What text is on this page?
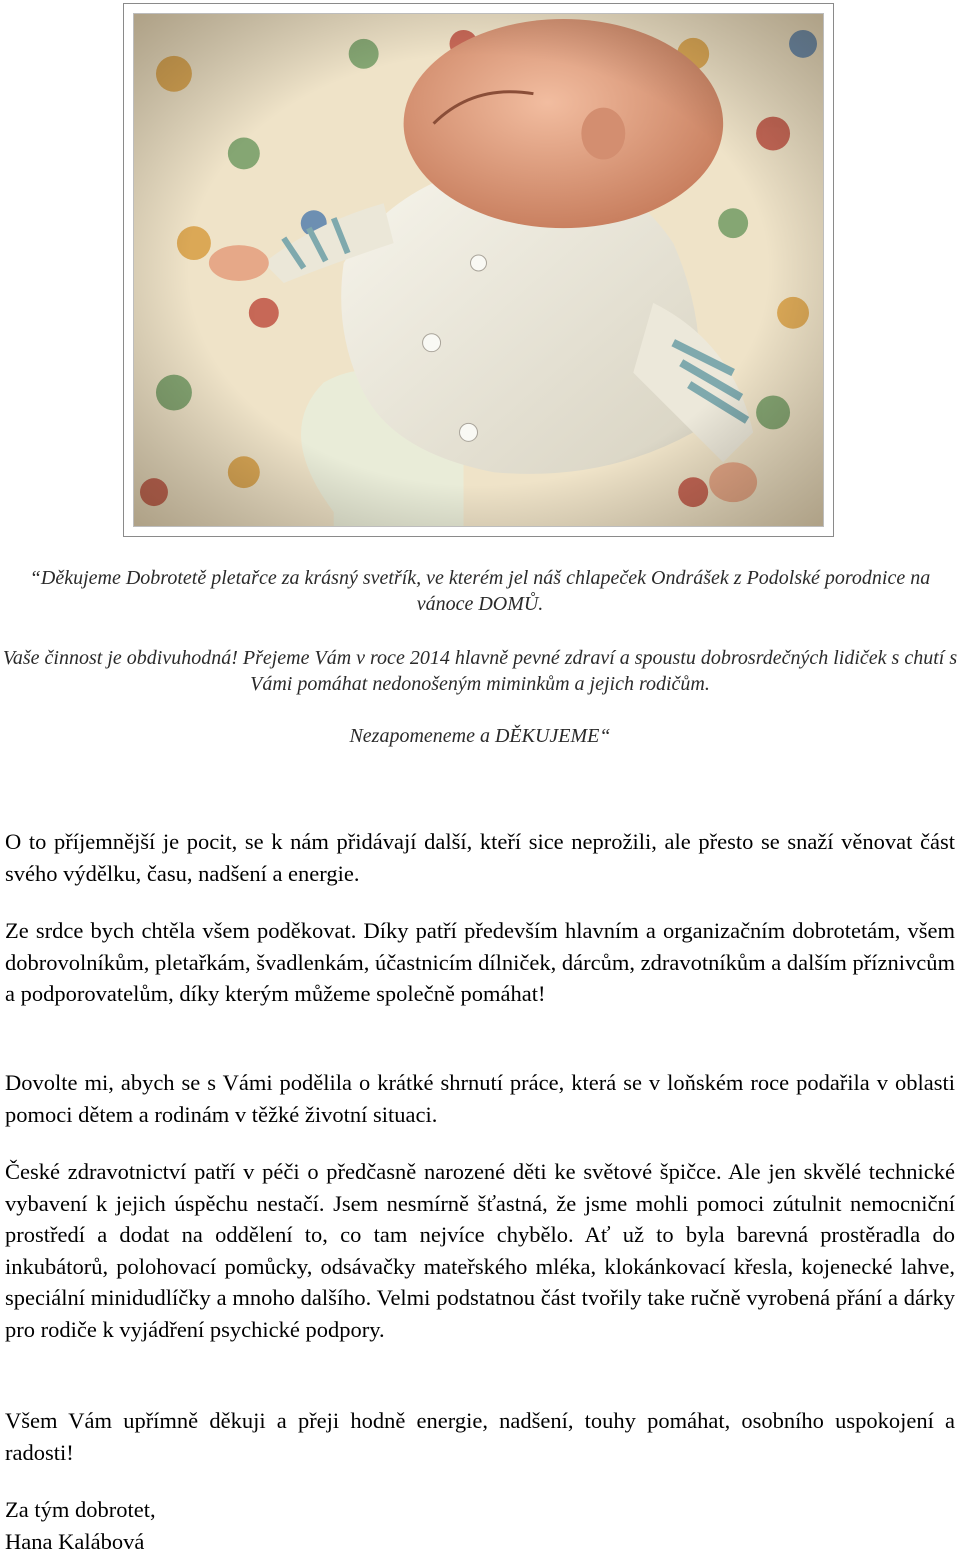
“Děkujeme Dobrotetě pletařce za krásný svetřík, ve kterém jel náš chlapeček Ondrášek z Podolské porodnice na vánoce DOMŮ.
Vaše činnost je obdivuhodná! Přejeme Vám v roce 2014 hlavně pevné zdraví a spoustu dobrosrdečných lidiček s chutí s Vámi pomáhat nedonošeným miminkům a jejich rodičům.
Nezapomeneme a DĚKUJEME“
O to příjemnější je pocit, se k nám přidávají další, kteří sice neprožili, ale přesto se snaží věnovat část svého výdělku, času, nadšení a energie.
Ze srdce bych chtěla všem poděkovat. Díky patří především hlavním a organizačním dobrotetám, všem dobrovolníkům, pletařkám, švadlenkám, účastnicím dílniček, dárcům, zdravotníkům a dalším příznivcům a podporovatelům, díky kterým můžeme společně pomáhat!
Dovolte mi, abych se s Vámi podělila o krátké shrnutí práce, která se v loňském roce podařila v oblasti pomoci dětem a rodinám v těžké životní situaci.
České zdravotnictví patří v péči o předčasně narozené děti ke světové špičce. Ale jen skvělé technické vybavení k jejich úspěchu nestačí. Jsem nesmírně šťastná, že jsme mohli pomoci zútulnit nemocniční prostředí a dodat na oddělení to, co tam nejvíce chybělo. Ať už to byla barevná prostěradla do inkubátorů, polohovací pomůcky, odsávačky mateřského mléka, klokánkovací křesla, kojenecké lahve, speciální minidudlíčky a mnoho dalšího. Velmi podstatnou část tvořily take ručně vyrobená přání a dárky pro rodiče k vyjádření psychické podpory.
Všem Vám upřímně děkuji a přeji hodně energie, nadšení, touhy pomáhat, osobního uspokojení a radosti!
Za tým dobrotet,
Hana Kalábová
